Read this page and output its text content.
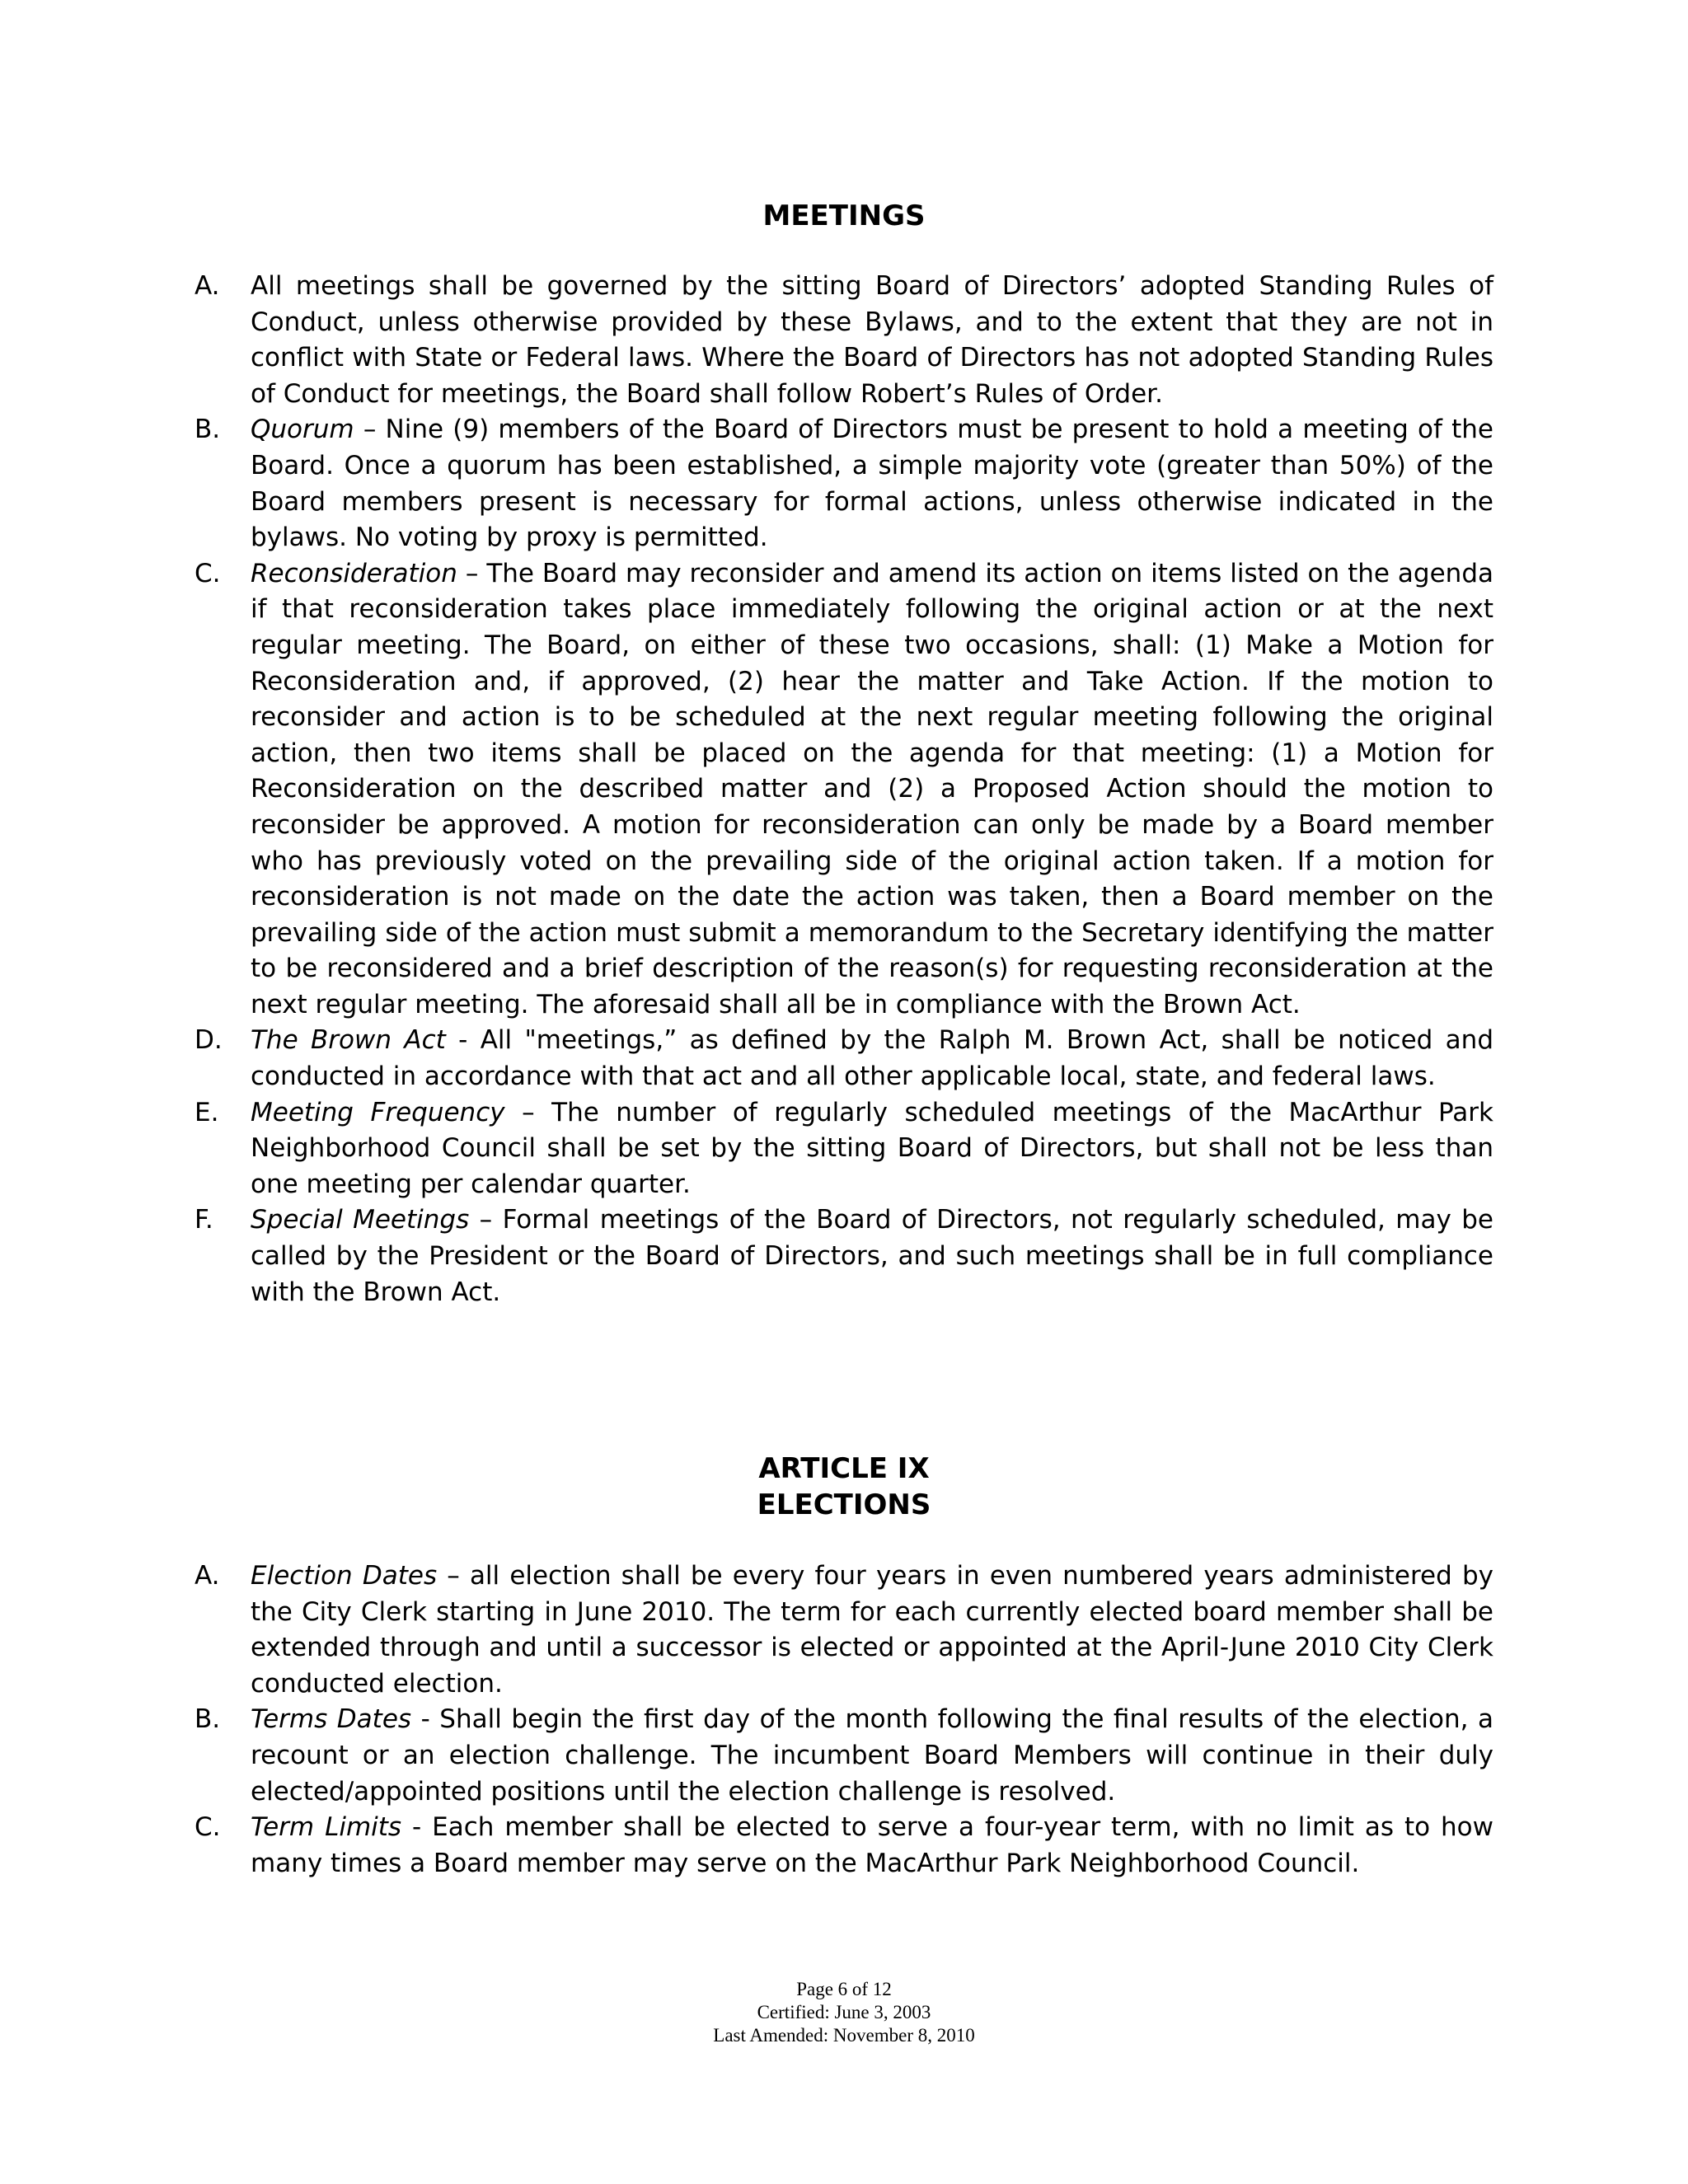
MEETINGS
A. All meetings shall be governed by the sitting Board of Directors’ adopted Standing Rules of Conduct, unless otherwise provided by these Bylaws, and to the extent that they are not in conflict with State or Federal laws. Where the Board of Directors has not adopted Standing Rules of Conduct for meetings, the Board shall follow Robert’s Rules of Order.
B. Quorum – Nine (9) members of the Board of Directors must be present to hold a meeting of the Board. Once a quorum has been established, a simple majority vote (greater than 50%) of the Board members present is necessary for formal actions, unless otherwise indicated in the bylaws. No voting by proxy is permitted.
C. Reconsideration – The Board may reconsider and amend its action on items listed on the agenda if that reconsideration takes place immediately following the original action or at the next regular meeting. The Board, on either of these two occasions, shall: (1) Make a Motion for Reconsideration and, if approved, (2) hear the matter and Take Action. If the motion to reconsider and action is to be scheduled at the next regular meeting following the original action, then two items shall be placed on the agenda for that meeting: (1) a Motion for Reconsideration on the described matter and (2) a Proposed Action should the motion to reconsider be approved. A motion for reconsideration can only be made by a Board member who has previously voted on the prevailing side of the original action taken. If a motion for reconsideration is not made on the date the action was taken, then a Board member on the prevailing side of the action must submit a memorandum to the Secretary identifying the matter to be reconsidered and a brief description of the reason(s) for requesting reconsideration at the next regular meeting. The aforesaid shall all be in compliance with the Brown Act.
D. The Brown Act - All "meetings,” as defined by the Ralph M. Brown Act, shall be noticed and conducted in accordance with that act and all other applicable local, state, and federal laws.
E. Meeting Frequency – The number of regularly scheduled meetings of the MacArthur Park Neighborhood Council shall be set by the sitting Board of Directors, but shall not be less than one meeting per calendar quarter.
F. Special Meetings – Formal meetings of the Board of Directors, not regularly scheduled, may be called by the President or the Board of Directors, and such meetings shall be in full compliance with the Brown Act.
ARTICLE IX
ELECTIONS
A. Election Dates – all election shall be every four years in even numbered years administered by the City Clerk starting in June 2010. The term for each currently elected board member shall be extended through and until a successor is elected or appointed at the April-June 2010 City Clerk conducted election.
B. Terms Dates - Shall begin the first day of the month following the final results of the election, a recount or an election challenge. The incumbent Board Members will continue in their duly elected/appointed positions until the election challenge is resolved.
C. Term Limits - Each member shall be elected to serve a four-year term, with no limit as to how many times a Board member may serve on the MacArthur Park Neighborhood Council.
Page 6 of 12
Certified: June 3, 2003
Last Amended: November 8, 2010
